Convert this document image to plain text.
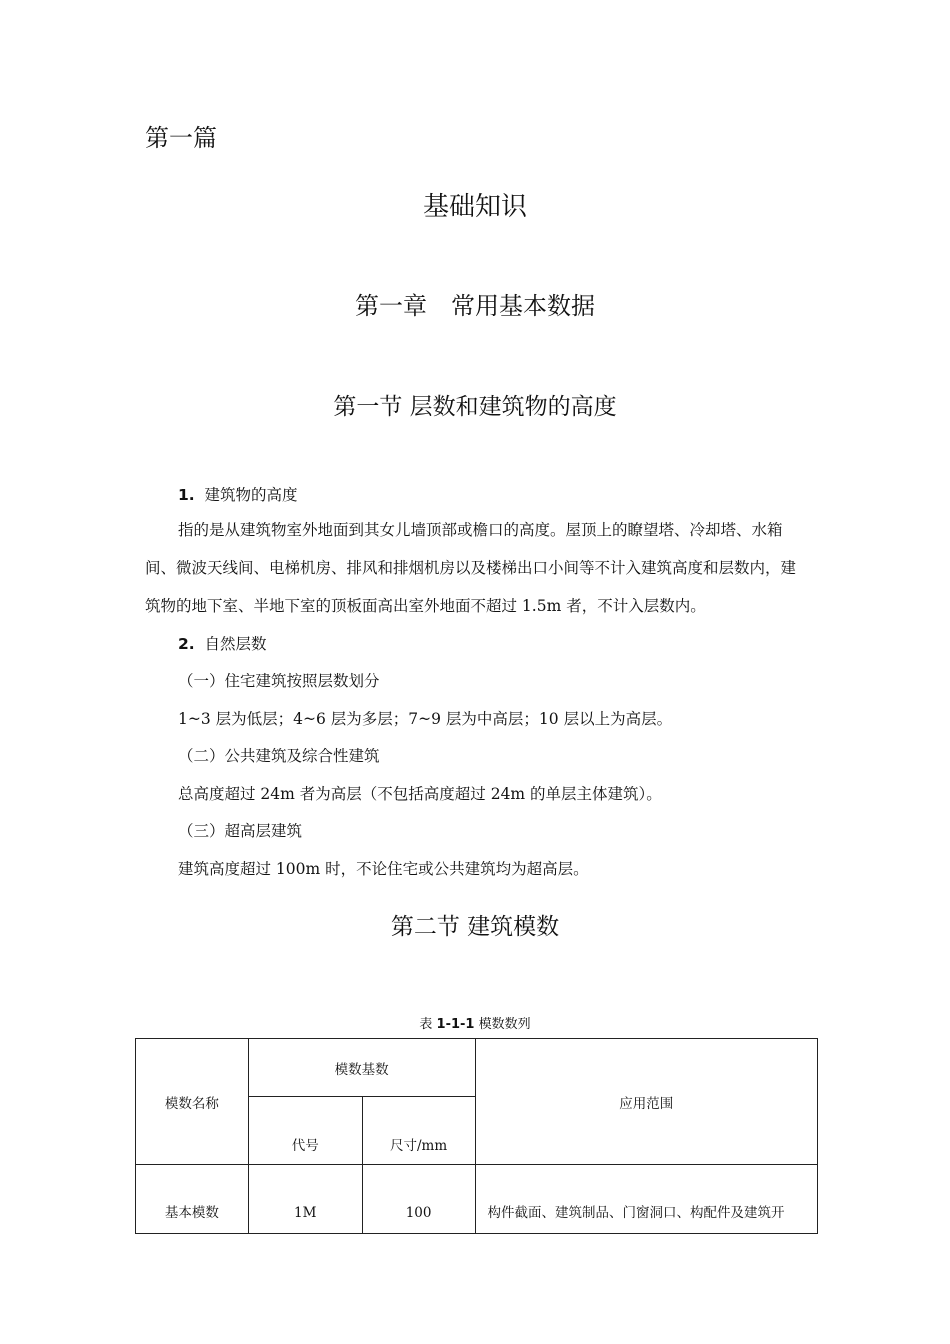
第一篇
基础知识
第一章　常用基本数据
第一节 层数和建筑物的高度
1. 建筑物的高度
指的是从建筑物室外地面到其女儿墙顶部或檐口的高度。屋顶上的瞭望塔、冷却塔、水箱间、微波天线间、电梯机房、排风和排烟机房以及楼梯出口小间等不计入建筑高度和层数内，建筑物的地下室、半地下室的顶板面高出室外地面不超过 1.5m 者，不计入层数内。
2. 自然层数
（一）住宅建筑按照层数划分
1~3 层为低层；4~6 层为多层；7~9 层为中高层；10 层以上为高层。
（二）公共建筑及综合性建筑
总高度超过 24m 者为高层（不包括高度超过 24m 的单层主体建筑）。
（三）超高层建筑
建筑高度超过 100m 时，不论住宅或公共建筑均为超高层。
第二节 建筑模数
表 1-1-1 模数数列
模数名称	模数基数		应用范围
	代号	尺寸/mm	
基本模数	1M	100	构件截面、建筑制品、门窗洞口、构配件及建筑开
